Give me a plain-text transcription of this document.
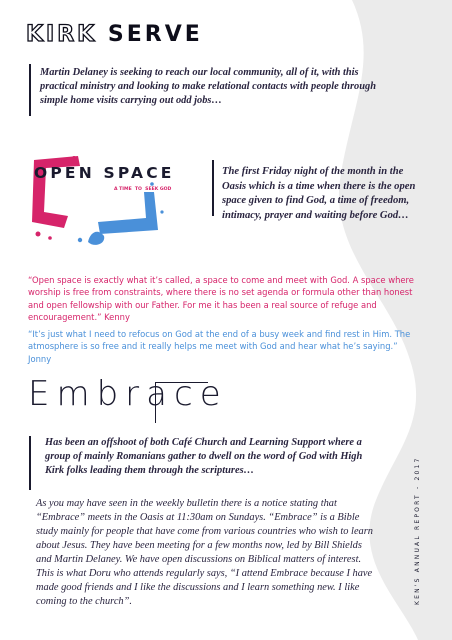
KIRK SERVE
Martin Delaney is seeking to reach our local community, all of it, with this practical ministry and looking to make relational contacts with people through simple home visits carrying out odd jobs…
OPEN SPACE
A TIME  TO  SEEK GOD
The first Friday night of the month in the Oasis which is a time when there is the open space given to find God, a time of freedom, intimacy, prayer and waiting before God…
“Open space is exactly what it’s called, a space to come and meet with God. A space where worship is free from constraints, where there is no set agenda or formula other than honest and open fellowship with our Father. For me it has been a real source of refuge and encouragement.” Kenny
“It’s just what I need to refocus on God at the end of a busy week and find rest in Him. The atmosphere is so free and it really helps me meet with God and hear what he’s saying.” Jonny
Embrace
Has been an offshoot of both Café Church and Learning Support where a group of mainly Romanians gather to dwell on the word of God with High Kirk folks leading them through the scriptures…
As you may have seen in the weekly bulletin there is a notice stating that “Embrace” meets in the Oasis at 11:30am on Sundays. “Embrace” is a Bible study mainly for people that have come from various countries who wish to learn about Jesus. They have been meeting for a few months now, led by Bill Shields and Martin Delaney. We have open discussions on Biblical matters of interest. This is what Doru who attends regularly says, “I attend Embrace because I have made good friends and I like the discussions and I learn something new. I like coming to the church”.	KEN'S ANNUAL REPORT - 2017
